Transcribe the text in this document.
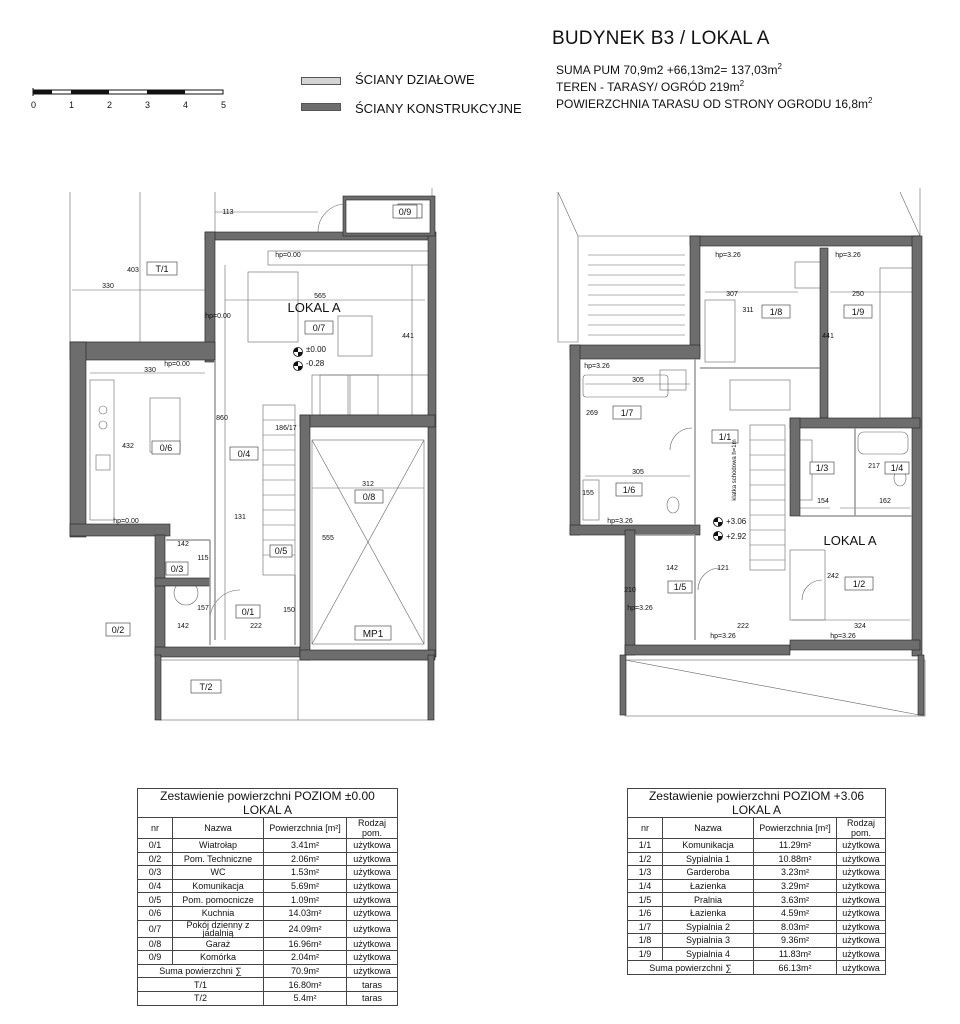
BUDYNEK B3 / LOKAL A
SUMA PUM $70,9m2 +66,13m2= 137,03m^2$
TEREN - TARASY/ OGRÓD $219m^2$
POWIERZCHNIA TARASU OD STRONY OGRODU $16,8m^2$
ŚCIANY DZIAŁOWE
ŚCIANY KONSTRUKCYJNE
0	1	2	3	4	5
LOKAL A
T/1
0/9
0/7
0/6
0/4
0/8
0/3
0/5
0/1
0/2	MP1
T/2
113
403
330
565
441
860
432
330
131
312
555
142
115
157
142	222
150
186/17
hp=0.00
hp=0.00
hp=0.00
hp=0.00
±0.00
-0.28
LOKAL A
1/8	1/9
1/7
1/1
1/6
1/3	1/4
1/5	1/2
307
311
250
441
305
269
305
155
121
142
210
222
154	162
217
242
324
hp=3.26	hp=3.26
hp=3.26
hp=3.26
hp=3.26
hp=3.26	hp=3.26
klatka schodowa h=1m
+3.06
+2.92
Zestawienie powierzchni POZIOM ±0.00			
LOKAL A			
nr	Nazwa	Powierzchnia [m²]	Rodzaj pom.
0/1	Wiatrołap	3.41m²	użytkowa
0/2	Pom. Techniczne	2.06m²	użytkowa
0/3	WC	1.53m²	użytkowa
0/4	Komunikacja	5.69m²	użytkowa
0/5	Pom. pomocnicze	1.09m²	użytkowa
0/6	Kuchnia	14.03m²	użytkowa
0/7	Pokój dzienny z jadalnią	24.09m²	użytkowa
0/8	Garaż	16.96m²	użytkowa
0/9	Komórka	2.04m²	użytkowa
Suma powierzchni ∑		70.9m²	użytkowa
T/1		16.80m²	taras
T/2		5.4m²	taras
Zestawienie powierzchni POZIOM +3.06			
LOKAL A			
nr	Nazwa	Powierzchnia [m²]	Rodzaj pom.
1/1	Komunikacja	11.29m²	użytkowa
1/2	Sypialnia 1	10.88m²	użytkowa
1/3	Garderoba	3.23m²	użytkowa
1/4	Łazienka	3.29m²	użytkowa
1/5	Pralnia	3.63m²	użytkowa
1/6	Łazienka	4.59m²	użytkowa
1/7	Sypialnia 2	8.03m²	użytkowa
1/8	Sypialnia 3	9.36m²	użytkowa
1/9	Sypialnia 4	11.83m²	użytkowa
Suma powierzchni ∑		66.13m²	użytkowa
